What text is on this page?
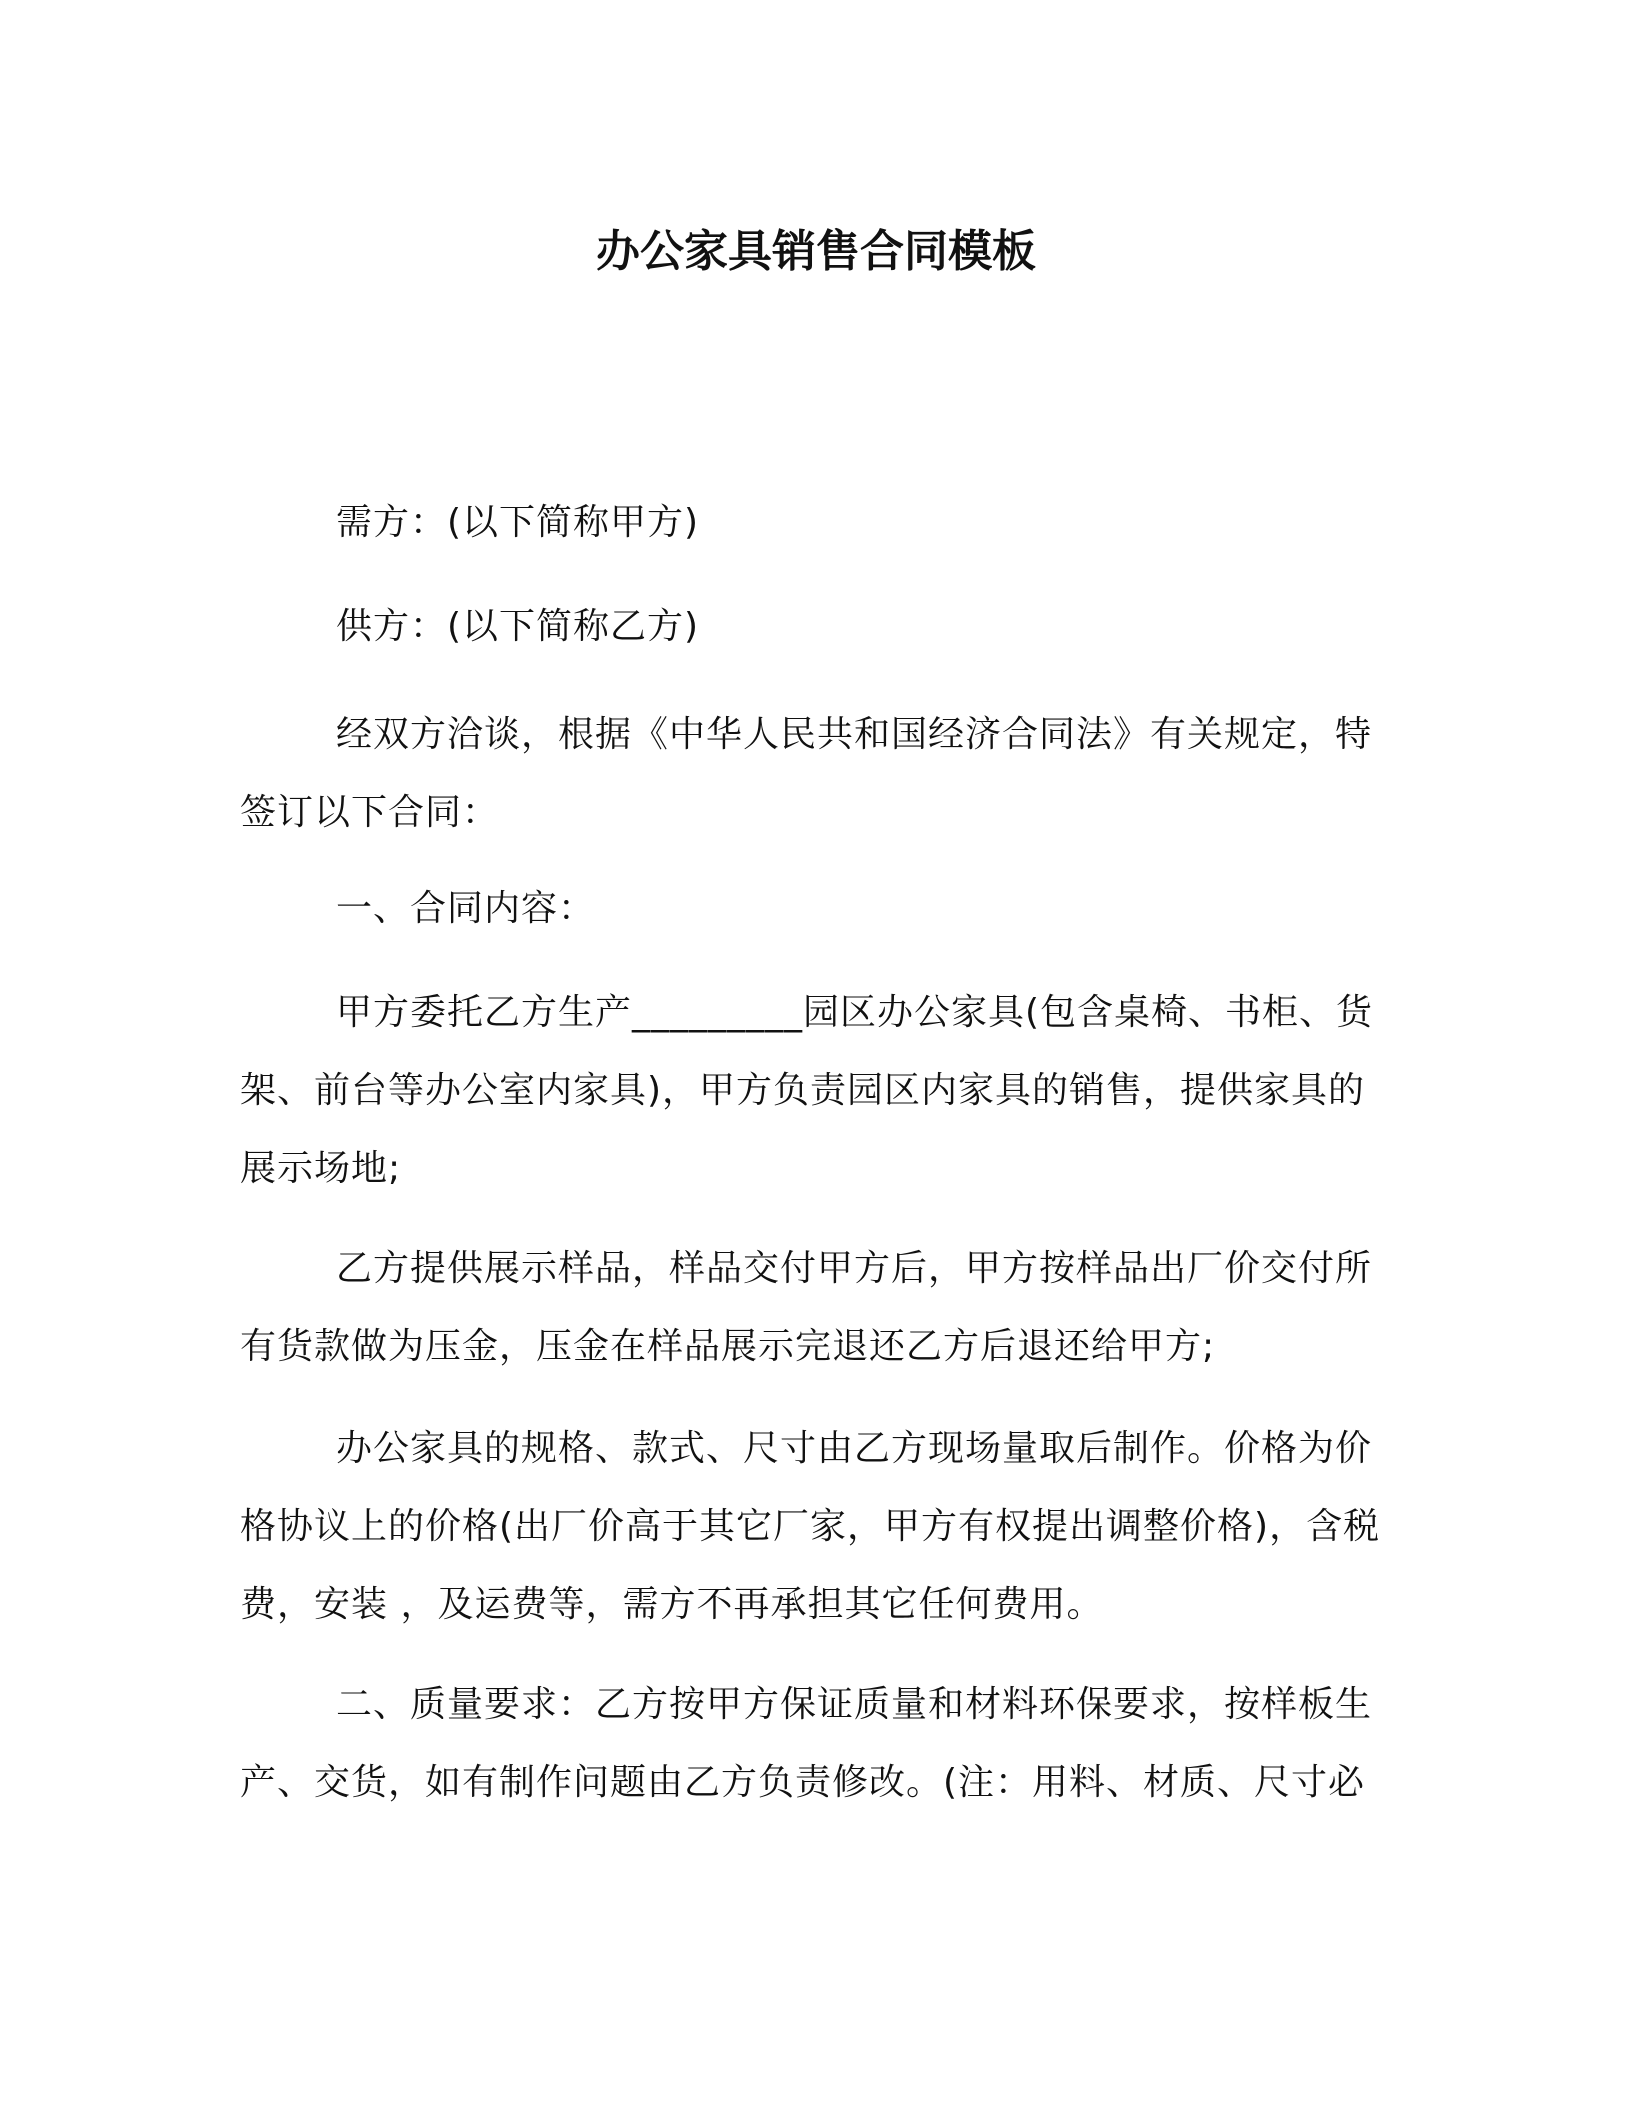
办公家具销售合同模板

需方：(以下简称甲方)

供方：(以下简称乙方)

经双方洽谈，根据《中华人民共和国经济合同法》有关规定，特签订以下合同：

一、合同内容：

甲方委托乙方生产_________园区办公家具(包含桌椅、书柜、货架、前台等办公室内家具)，甲方负责园区内家具的销售，提供家具的展示场地;

乙方提供展示样品，样品交付甲方后，甲方按样品出厂价交付所有货款做为压金，压金在样品展示完退还乙方后退还给甲方;

办公家具的规格、款式、尺寸由乙方现场量取后制作。价格为价格协议上的价格(出厂价高于其它厂家，甲方有权提出调整价格)，含税费，安装 ，及运费等，需方不再承担其它任何费用。

二、质量要求：乙方按甲方保证质量和材料环保要求，按样板生产、交货，如有制作问题由乙方负责修改。(注：用料、材质、尺寸必
